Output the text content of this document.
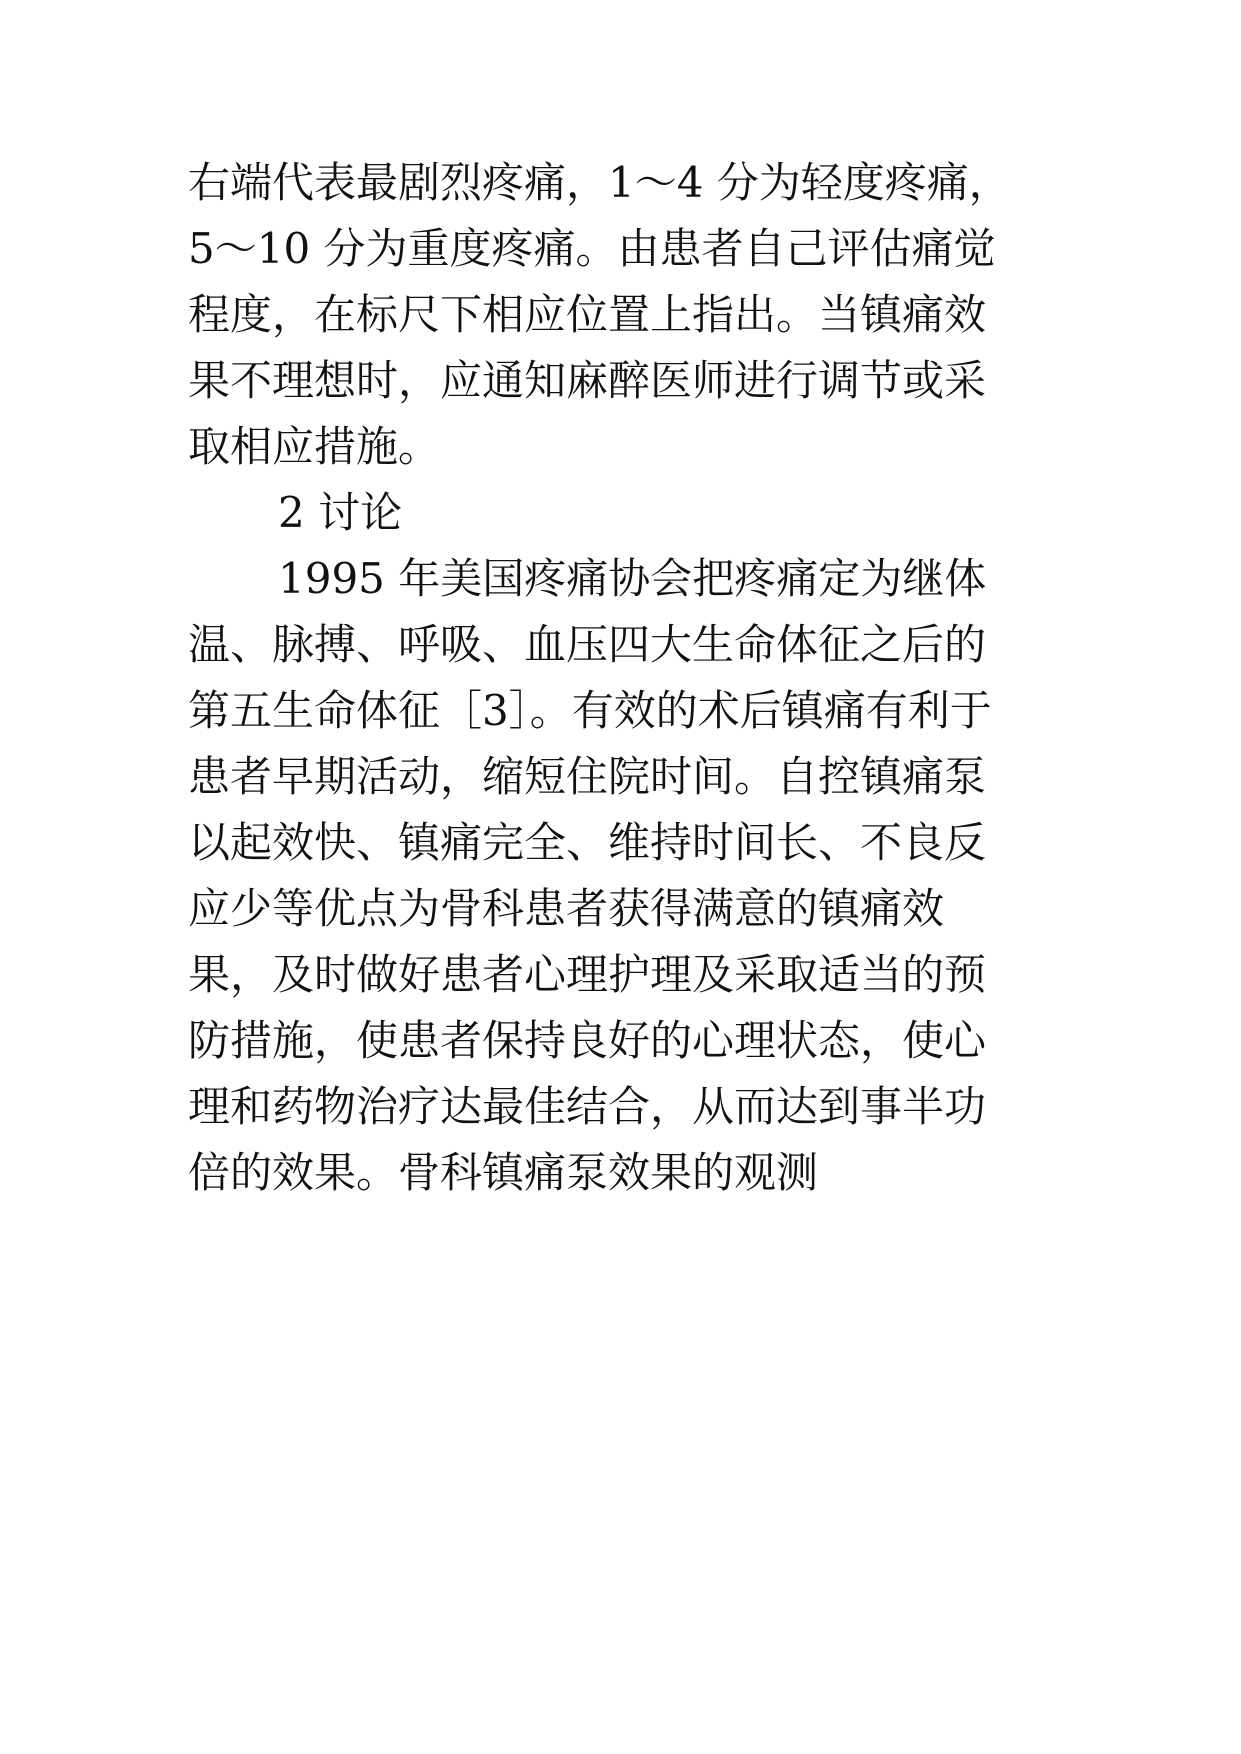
右端代表最剧烈疼痛，1～4 分为轻度疼痛，
5～10 分为重度疼痛。由患者自己评估痛觉
程度，在标尺下相应位置上指出。当镇痛效
果不理想时，应通知麻醉医师进行调节或采
取相应措施。
2 讨论
1995 年美国疼痛协会把疼痛定为继体
温、脉搏、呼吸、血压四大生命体征之后的
第五生命体征［3］。有效的术后镇痛有利于
患者早期活动，缩短住院时间。自控镇痛泵
以起效快、镇痛完全、维持时间长、不良反
应少等优点为骨科患者获得满意的镇痛效
果，及时做好患者心理护理及采取适当的预
防措施，使患者保持良好的心理状态，使心
理和药物治疗达最佳结合，从而达到事半功
倍的效果。骨科镇痛泵效果的观测
